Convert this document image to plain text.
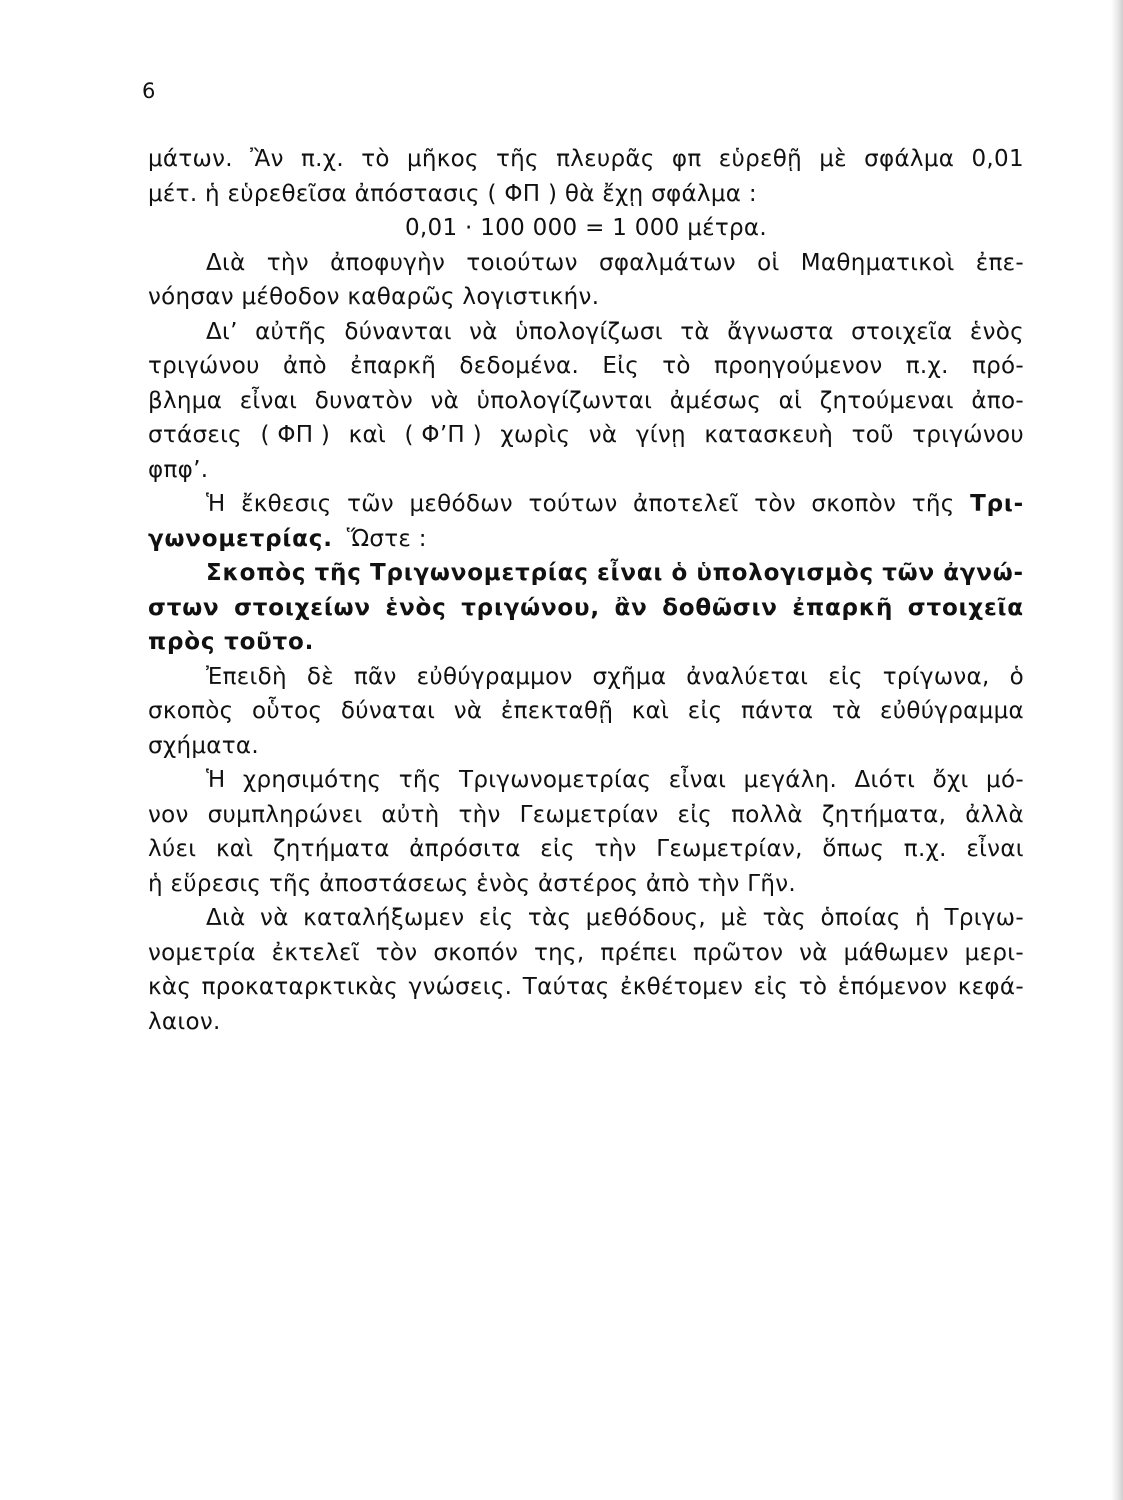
6
μάτων. Ἂν π.χ. τὸ μῆκος τῆς πλευρᾶς φπ εὑρεθῇ μὲ σφάλμα 0,01
μέτ. ἡ εὑρεθεῖσα ἀπόστασις ( ΦΠ ) θὰ ἔχῃ σφάλμα :
0,01 · 100 000 = 1 000 μέτρα.
Διὰ τὴν ἀποφυγὴν τοιούτων σφαλμάτων οἱ Μαθηματικοὶ ἐπε-
νόησαν μέθοδον καθαρῶς λογιστικήν.
Δι’ αὐτῆς δύνανται νὰ ὑπολογίζωσι τὰ ἄγνωστα στοιχεῖα ἑνὸς
τριγώνου ἀπὸ ἐπαρκῆ δεδομένα. Εἰς τὸ προηγούμενον π.χ. πρό-
βλημα εἶναι δυνατὸν νὰ ὑπολογίζωνται ἀμέσως αἱ ζητούμεναι ἀπο-
στάσεις ( ΦΠ ) καὶ ( Φ’Π ) χωρὶς νὰ γίνῃ κατασκευὴ τοῦ τριγώνου
φπφ’.
Ἡ ἔκθεσις τῶν μεθόδων τούτων ἀποτελεῖ τὸν σκοπὸν τῆς Τρι-
γωνομετρίας. Ὥστε :
Σκοπὸς τῆς Τριγωνομετρίας εἶναι ὁ ὑπολογισμὸς τῶν ἀγνώ-
στων στοιχείων ἑνὸς τριγώνου, ἂν δοθῶσιν ἐπαρκῆ στοιχεῖα
πρὸς τοῦτο.
Ἐπειδὴ δὲ πᾶν εὐθύγραμμον σχῆμα ἀναλύεται εἰς τρίγωνα, ὁ
σκοπὸς οὗτος δύναται νὰ ἐπεκταθῇ καὶ εἰς πάντα τὰ εὐθύγραμμα
σχήματα.
Ἡ χρησιμότης τῆς Τριγωνομετρίας εἶναι μεγάλη. Διότι ὄχι μό-
νον συμπληρώνει αὐτὴ τὴν Γεωμετρίαν εἰς πολλὰ ζητήματα, ἀλλὰ
λύει καὶ ζητήματα ἀπρόσιτα εἰς τὴν Γεωμετρίαν, ὅπως π.χ. εἶναι
ἡ εὕρεσις τῆς ἀποστάσεως ἑνὸς ἀστέρος ἀπὸ τὴν Γῆν.
Διὰ νὰ καταλήξωμεν εἰς τὰς μεθόδους, μὲ τὰς ὁποίας ἡ Τριγω-
νομετρία ἐκτελεῖ τὸν σκοπόν της, πρέπει πρῶτον νὰ μάθωμεν μερι-
κὰς προκαταρκτικὰς γνώσεις. Ταύτας ἐκθέτομεν εἰς τὸ ἑπόμενον κεφά-
λαιον.
